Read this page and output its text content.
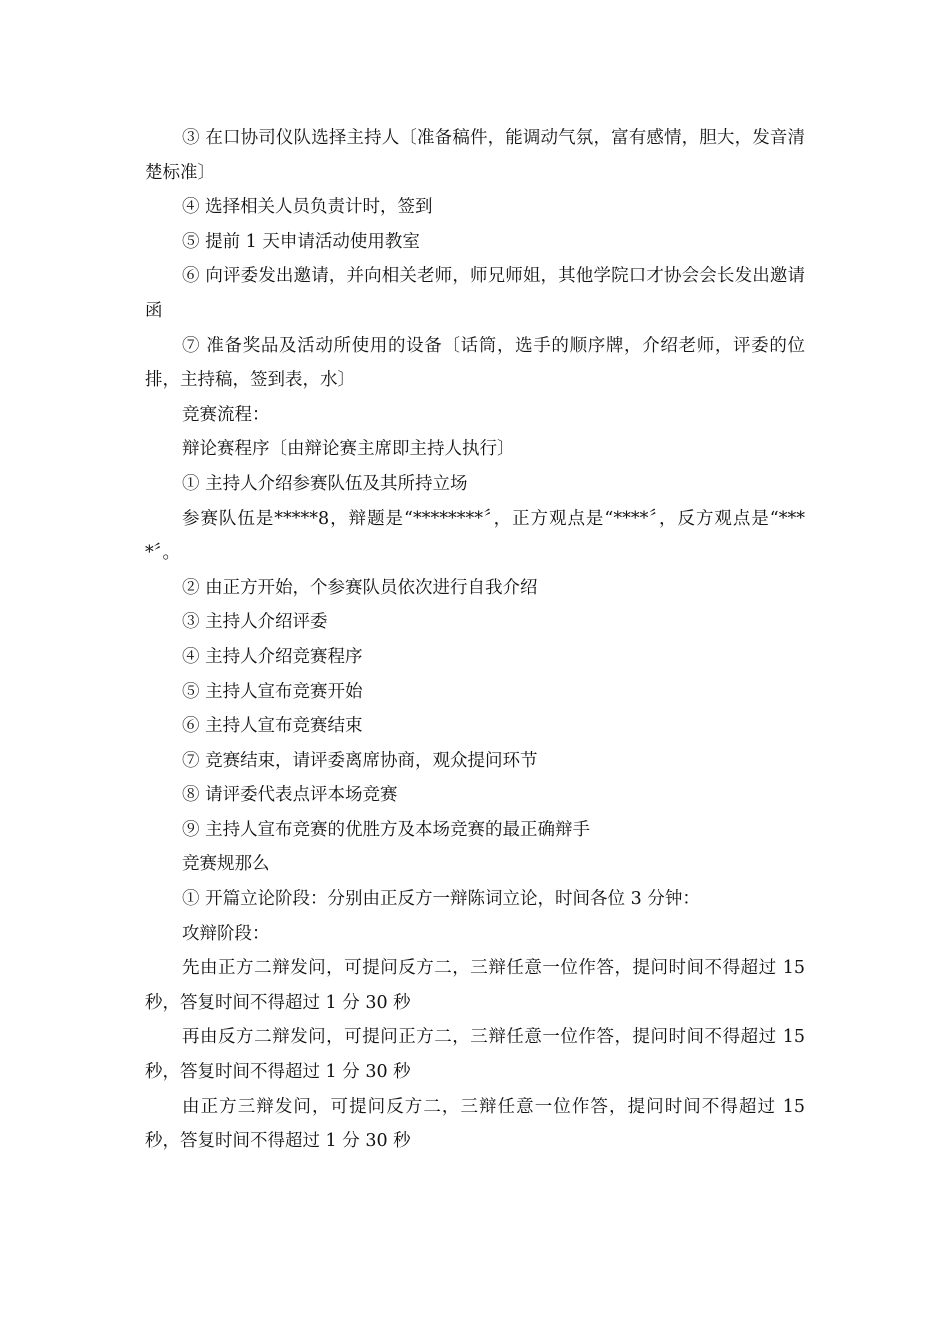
③ 在口协司仪队选择主持人〔准备稿件，能调动气氛，富有感情，胆大，发音清楚标准〕

④ 选择相关人员负责计时，签到

⑤ 提前 1 天申请活动使用教室

⑥ 向评委发出邀请，并向相关老师，师兄师姐，其他学院口才协会会长发出邀请函

⑦ 准备奖品及活动所使用的设备〔话筒，选手的顺序牌，介绍老师，评委的位排，主持稿，签到表，水〕

竞赛流程：

辩论赛程序〔由辩论赛主席即主持人执行〕

① 主持人介绍参赛队伍及其所持立场

参赛队伍是*****8，辩题是“********〞，正方观点是“****〞，反方观点是“****〞。

② 由正方开始，个参赛队员依次进行自我介绍

③ 主持人介绍评委

④ 主持人介绍竞赛程序

⑤ 主持人宣布竞赛开始

⑥ 主持人宣布竞赛结束

⑦ 竞赛结束，请评委离席协商，观众提问环节

⑧ 请评委代表点评本场竞赛

⑨ 主持人宣布竞赛的优胜方及本场竞赛的最正确辩手

竞赛规那么

① 开篇立论阶段：分别由正反方一辩陈词立论，时间各位 3 分钟：

攻辩阶段：

先由正方二辩发问，可提问反方二，三辩任意一位作答，提问时间不得超过 15 秒，答复时间不得超过 1 分 30 秒

再由反方二辩发问，可提问正方二，三辩任意一位作答，提问时间不得超过 15 秒，答复时间不得超过 1 分 30 秒

由正方三辩发问，可提问反方二，三辩任意一位作答，提问时间不得超过 15 秒，答复时间不得超过 1 分 30 秒
